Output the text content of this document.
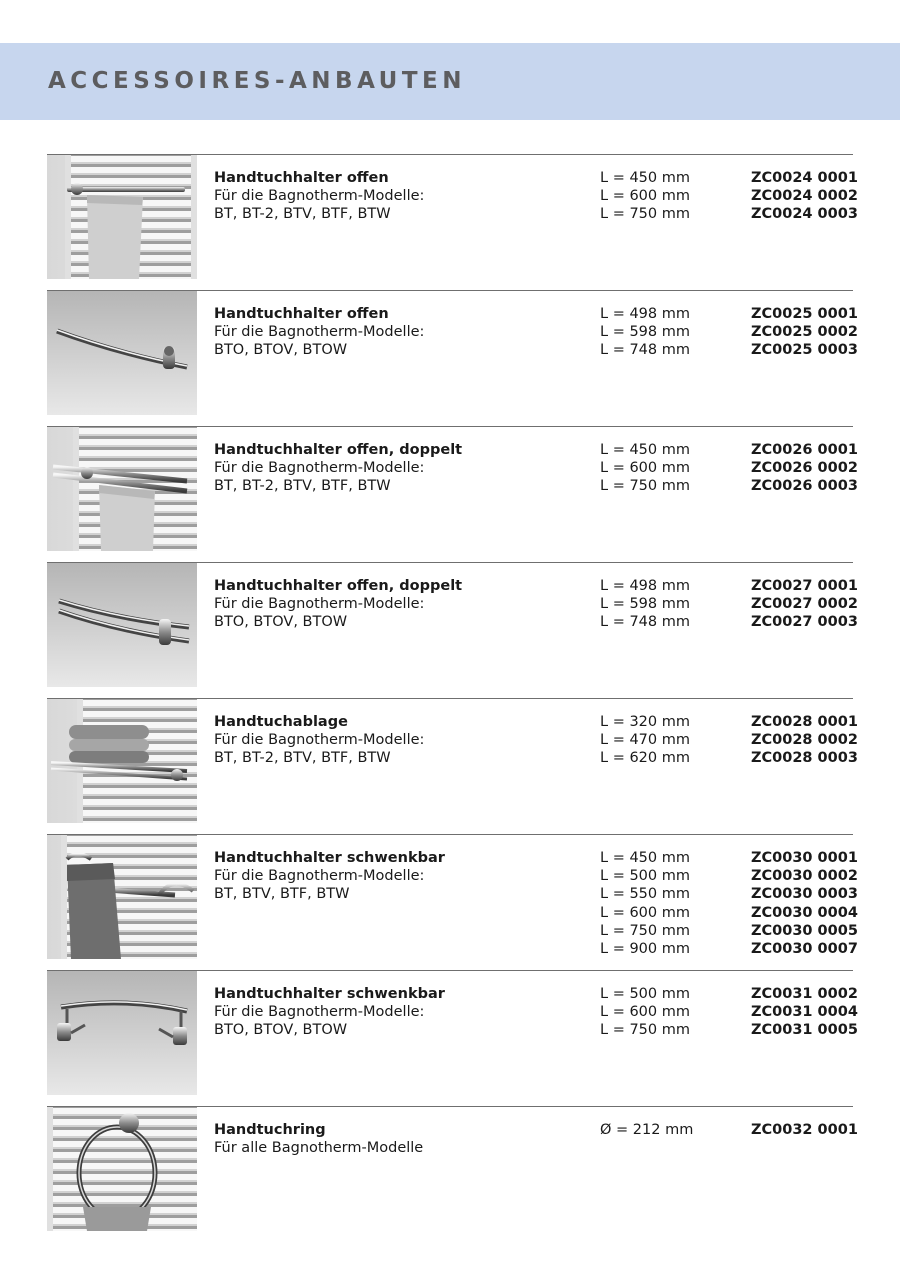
ACCESSOIRES-ANBAUTEN
Handtuchhalter offen
Für die Bagnotherm-Modelle:
BT, BT-2, BTV, BTF, BTW
L = 450 mm
L = 600 mm
L = 750 mm
ZC0024 0001
ZC0024 0002
ZC0024 0003
Handtuchhalter offen
Für die Bagnotherm-Modelle:
BTO, BTOV, BTOW
L = 498 mm
L = 598 mm
L = 748 mm
ZC0025 0001
ZC0025 0002
ZC0025 0003
Handtuchhalter offen, doppelt
Für die Bagnotherm-Modelle:
BT, BT-2, BTV, BTF, BTW
L = 450 mm
L = 600 mm
L = 750 mm
ZC0026 0001
ZC0026 0002
ZC0026 0003
Handtuchhalter offen, doppelt
Für die Bagnotherm-Modelle:
BTO, BTOV, BTOW
L = 498 mm
L = 598 mm
L = 748 mm
ZC0027 0001
ZC0027 0002
ZC0027 0003
Handtuchablage
Für die Bagnotherm-Modelle:
BT, BT-2, BTV, BTF, BTW
L = 320 mm
L = 470 mm
L = 620 mm
ZC0028 0001
ZC0028 0002
ZC0028 0003
Handtuchhalter schwenkbar
Für die Bagnotherm-Modelle:
BT, BTV, BTF, BTW
L = 450 mm
L = 500 mm
L = 550 mm
L = 600 mm
L = 750 mm
L = 900 mm
ZC0030 0001
ZC0030 0002
ZC0030 0003
ZC0030 0004
ZC0030 0005
ZC0030 0007
Handtuchhalter schwenkbar
Für die Bagnotherm-Modelle:
BTO, BTOV, BTOW
L = 500 mm
L = 600 mm
L = 750 mm
ZC0031 0002
ZC0031 0004
ZC0031 0005
Handtuchring
Für alle Bagnotherm-Modelle
Ø = 212 mm	ZC0032 0001
